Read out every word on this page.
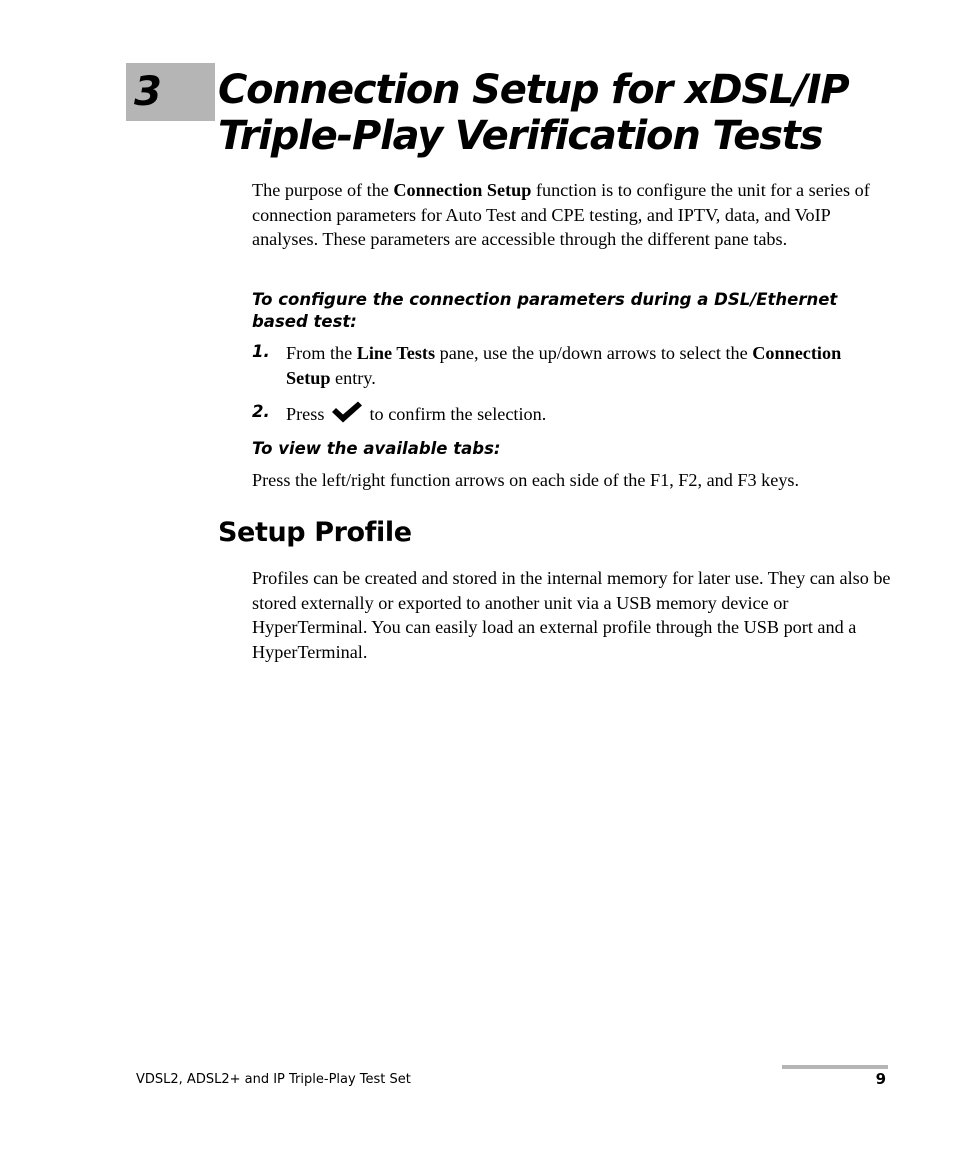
3 Connection Setup for xDSL/IP
Triple-Play Verification Tests

The purpose of the Connection Setup function is to configure the unit for a series of connection parameters for Auto Test and CPE testing, and IPTV, data, and VoIP analyses. These parameters are accessible through the different pane tabs.

To configure the connection parameters during a DSL/Ethernet based test:

1. From the Line Tests pane, use the up/down arrows to select the Connection Setup entry.
2. Press to confirm the selection.

To view the available tabs:

Press the left/right function arrows on each side of the F1, F2, and F3 keys.

Setup Profile

Profiles can be created and stored in the internal memory for later use. They can also be stored externally or exported to another unit via a USB memory device or HyperTerminal. You can easily load an external profile through the USB port and a HyperTerminal.

VDSL2, ADSL2+ and IP Triple-Play Test Set	9
